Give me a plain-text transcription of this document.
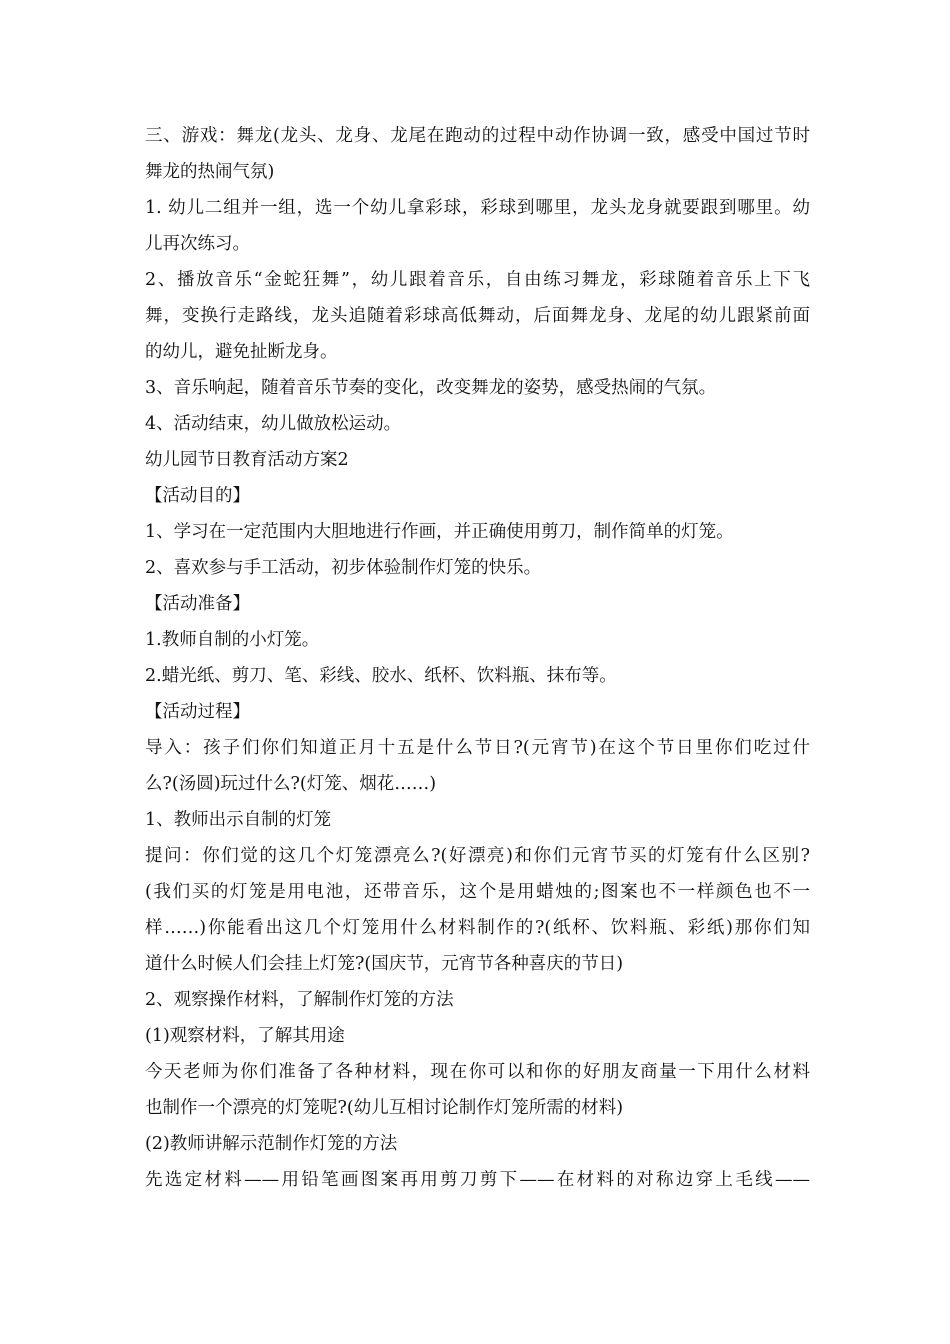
三、游戏：舞龙(龙头、龙身、龙尾在跑动的过程中动作协调一致，感受中国过节时
舞龙的热闹气氛)
1. 幼儿二组并一组，选一个幼儿拿彩球，彩球到哪里，龙头龙身就要跟到哪里。幼
儿再次练习。
2、播放音乐“金蛇狂舞”，幼儿跟着音乐，自由练习舞龙，彩球随着音乐上下飞
舞，变换行走路线，龙头追随着彩球高低舞动，后面舞龙身、龙尾的幼儿跟紧前面
的幼儿，避免扯断龙身。
3、音乐响起，随着音乐节奏的变化，改变舞龙的姿势，感受热闹的气氛。
4、活动结束，幼儿做放松运动。
幼儿园节日教育活动方案2
【活动目的】
1、学习在一定范围内大胆地进行作画，并正确使用剪刀，制作简单的灯笼。
2、喜欢参与手工活动，初步体验制作灯笼的快乐。
【活动准备】
1.教师自制的小灯笼。
2.蜡光纸、剪刀、笔、彩线、胶水、纸杯、饮料瓶、抹布等。
【活动过程】
导入：孩子们你们知道正月十五是什么节日?(元宵节)在这个节日里你们吃过什
么?(汤圆)玩过什么?(灯笼、烟花……)
1、教师出示自制的灯笼
提问：你们觉的这几个灯笼漂亮么?(好漂亮)和你们元宵节买的灯笼有什么区别?
(我们买的灯笼是用电池，还带音乐，这个是用蜡烛的;图案也不一样颜色也不一
样……)你能看出这几个灯笼用什么材料制作的?(纸杯、饮料瓶、彩纸)那你们知
道什么时候人们会挂上灯笼?(国庆节，元宵节各种喜庆的节日)
2、观察操作材料，了解制作灯笼的方法
(1)观察材料，了解其用途
今天老师为你们准备了各种材料，现在你可以和你的好朋友商量一下用什么材料
也制作一个漂亮的灯笼呢?(幼儿互相讨论制作灯笼所需的材料)
(2)教师讲解示范制作灯笼的方法
先选定材料——用铅笔画图案再用剪刀剪下——在材料的对称边穿上毛线——
